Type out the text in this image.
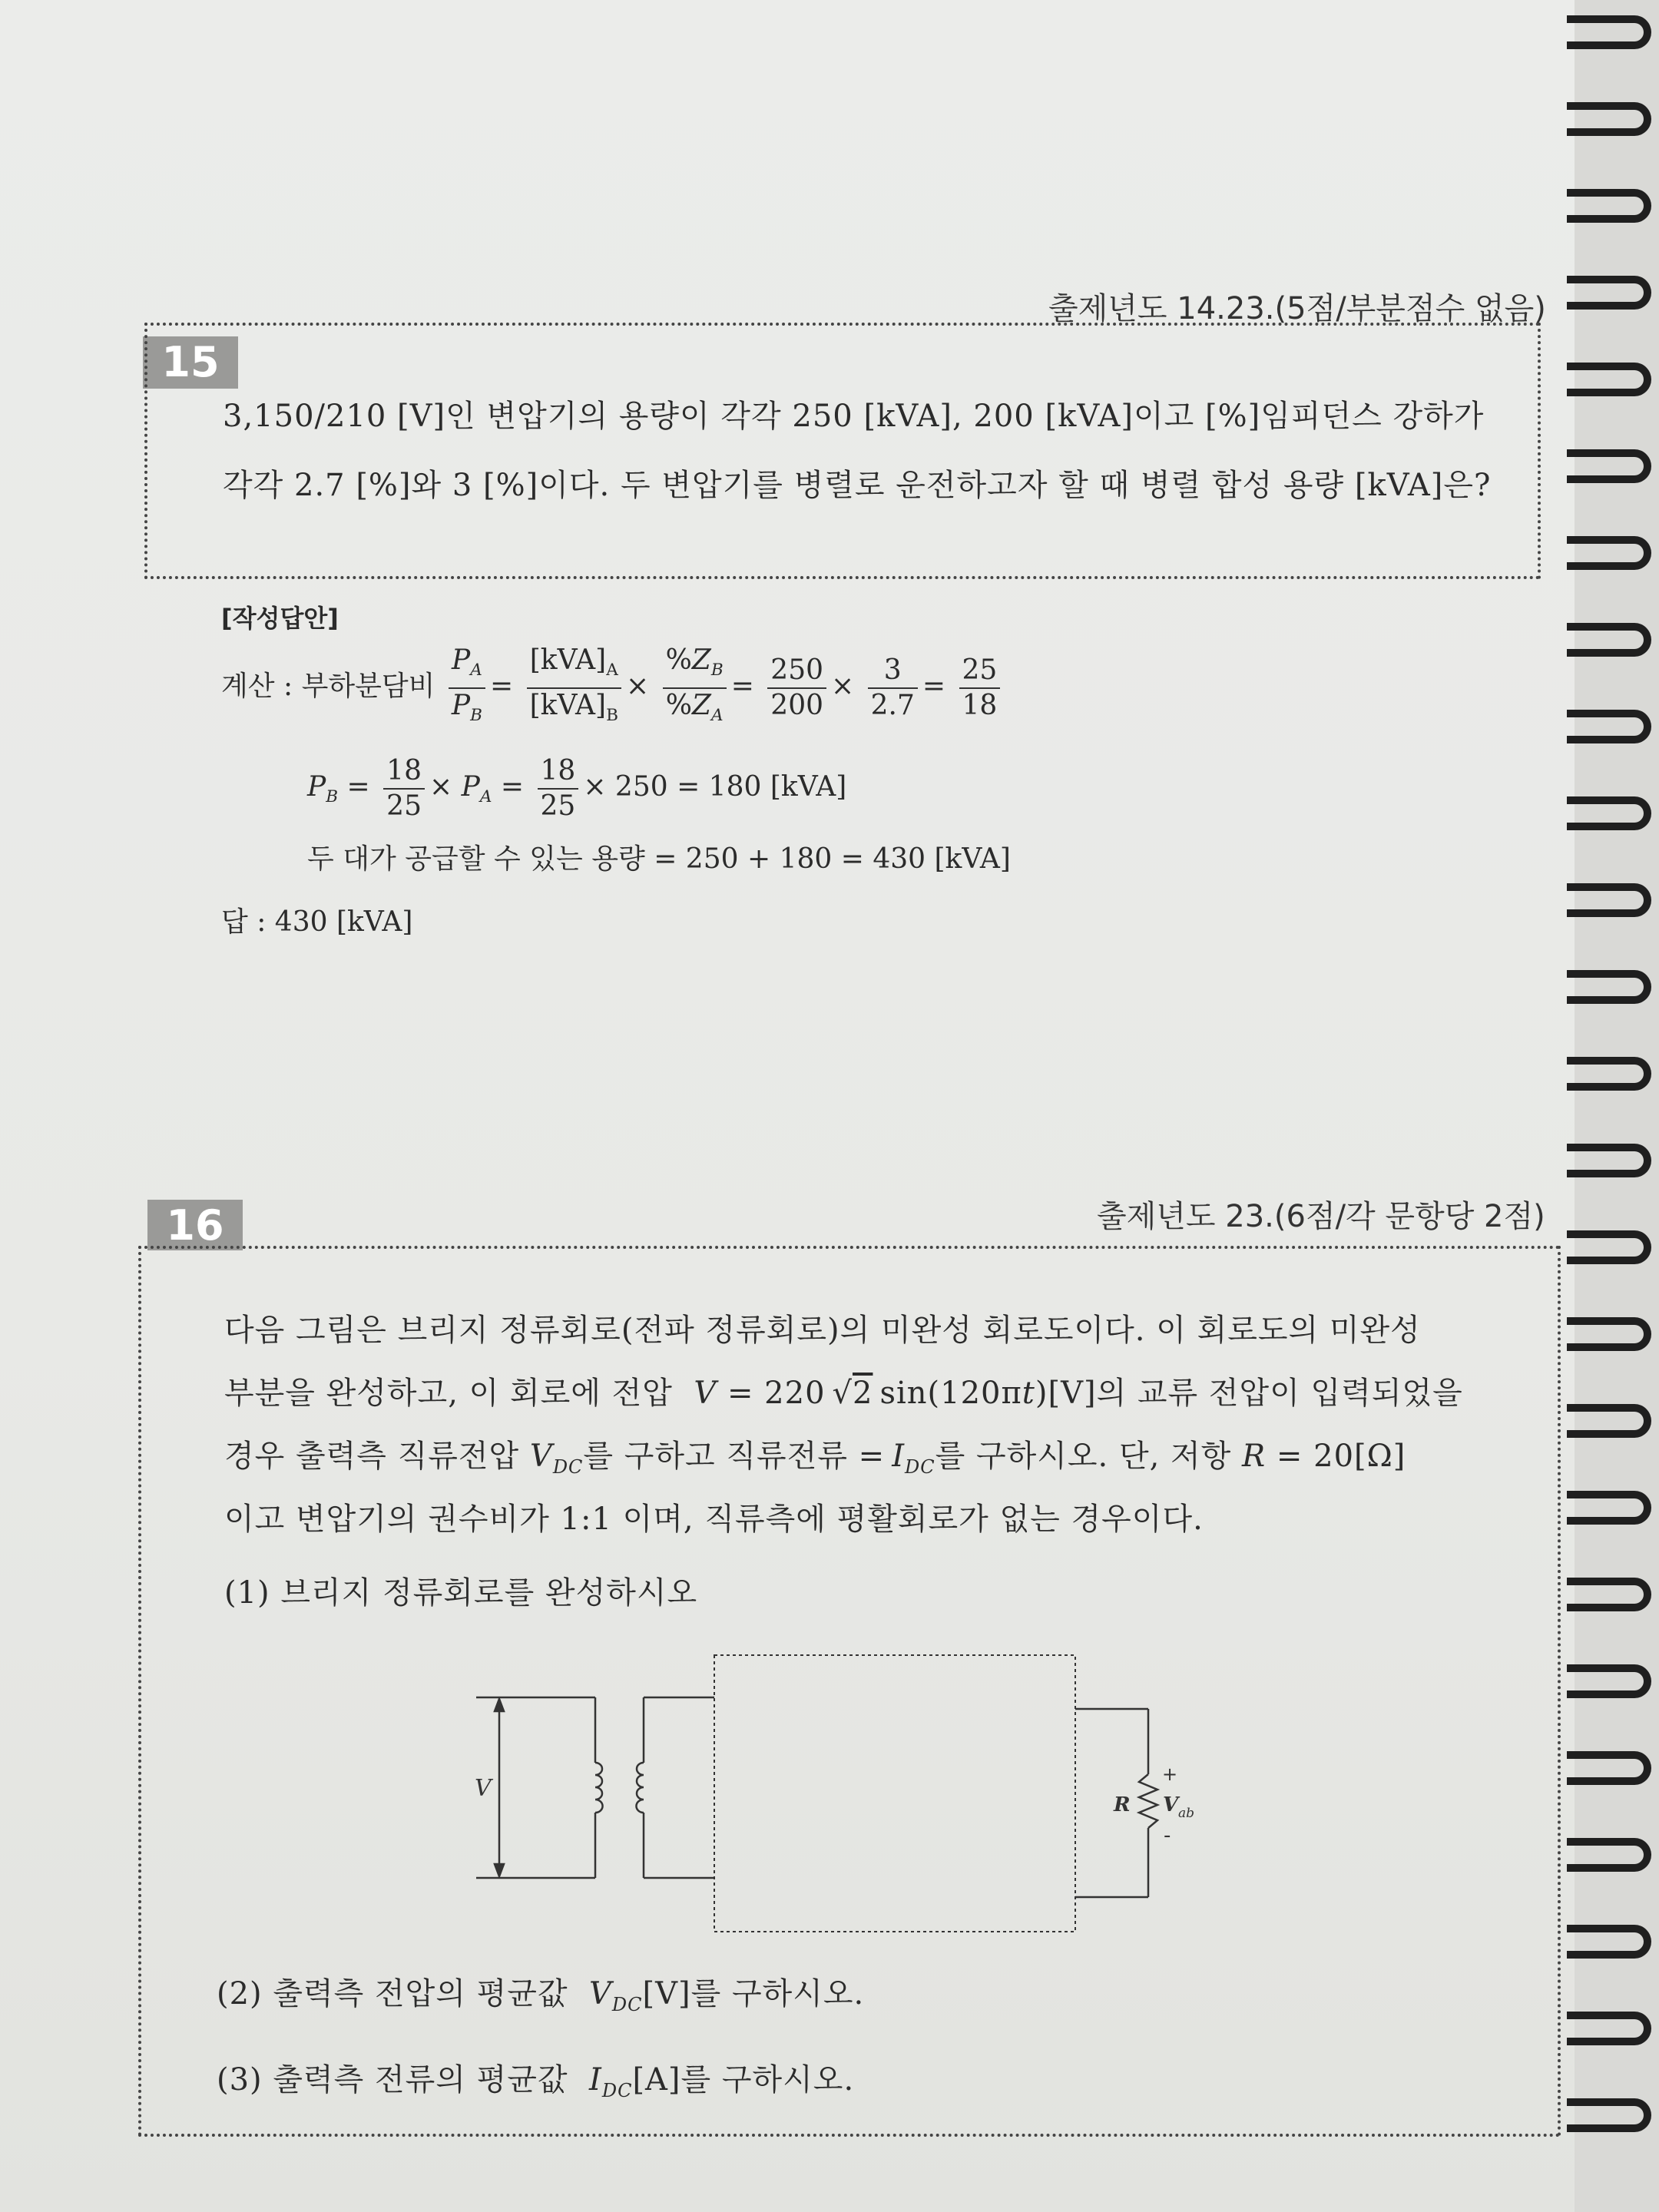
출제년도 14.23.(5점/부분점수 없음)
15
3,150/210 [V]인 변압기의 용량이 각각 250 [kVA], 200 [kVA]이고 [%]임피던스 강하가
각각 2.7 [%]와 3 [%]이다. 두 변압기를 병렬로 운전하고자 할 때 병렬 합성 용량 [kVA]은?
[작성답안]
계산 : 부하분담비 $\frac{P_A}{P_B} = \frac{[kVA]_A}{[kVA]_B} \times \frac{\%Z_B}{\%Z_A} = \frac{250}{200} \times \frac{3}{2.7} = \frac{25}{18}$
$P_B = \frac{18}{25} \times P_A = \frac{18}{25} \times 250 = 180$ [kVA]
두 대가 공급할 수 있는 용량 = 250 + 180 = 430 [kVA]
답 : 430 [kVA]
출제년도 23.(6점/각 문항당 2점)
16
다음 그림은 브리지 정류회로(전파 정류회로)의 미완성 회로도이다. 이 회로도의 미완성
부분을 완성하고, 이 회로에 전압 V = 220 √2 sin(120πt)[V]의 교류 전압이 입력되었을
경우 출력측 직류전압 $V_{DC}$를 구하고 직류전류 =  $I_{DC}$를 구하시오. 단, 저항 R = 20[Ω]
이고 변압기의 권수비가 1:1 이며, 직류측에 평활회로가 없는 경우이다.
(1) 브리지 정류회로를 완성하시오
V
R
+
V ab
-
(2) 출력측 전압의 평균값 $V_{DC}[V]$를 구하시오.
(3) 출력측 전류의 평균값 $I_{DC}[A]$를 구하시오.
